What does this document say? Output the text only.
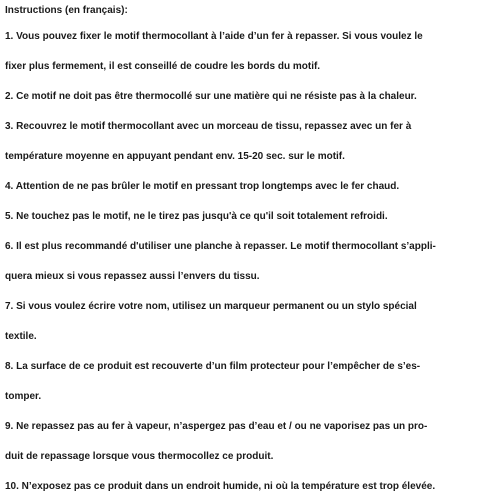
Instructions (en français):
1. Vous pouvez fixer le motif thermocollant à l’aide d’un fer à repasser. Si vous voulez le
fixer plus fermement, il est conseillé de coudre les bords du motif.
2. Ce motif ne doit pas être thermocollé sur une matière qui ne résiste pas à la chaleur.
3. Recouvrez le motif thermocollant avec un morceau de tissu, repassez avec un fer à
température moyenne en appuyant pendant env. 15-20 sec. sur le motif.
4. Attention de ne pas brûler le motif en pressant trop longtemps avec le fer chaud.
5. Ne touchez pas le motif, ne le tirez pas jusqu'à ce qu'il soit totalement refroidi.
6. Il est plus recommandé d'utiliser une planche à repasser. Le motif thermocollant s’appli-
quera mieux si vous repassez aussi l’envers du tissu.
7. Si vous voulez écrire votre nom, utilisez un marqueur permanent ou un stylo spécial
textile.
8. La surface de ce produit est recouverte d’un film protecteur pour l’empêcher de s’es-
tomper.
9. Ne repassez pas au fer à vapeur, n’aspergez pas d’eau et / ou ne vaporisez pas un pro-
duit de repassage lorsque vous thermocollez ce produit.
10. N’exposez pas ce produit dans un endroit humide, ni où la température est trop élevée.
